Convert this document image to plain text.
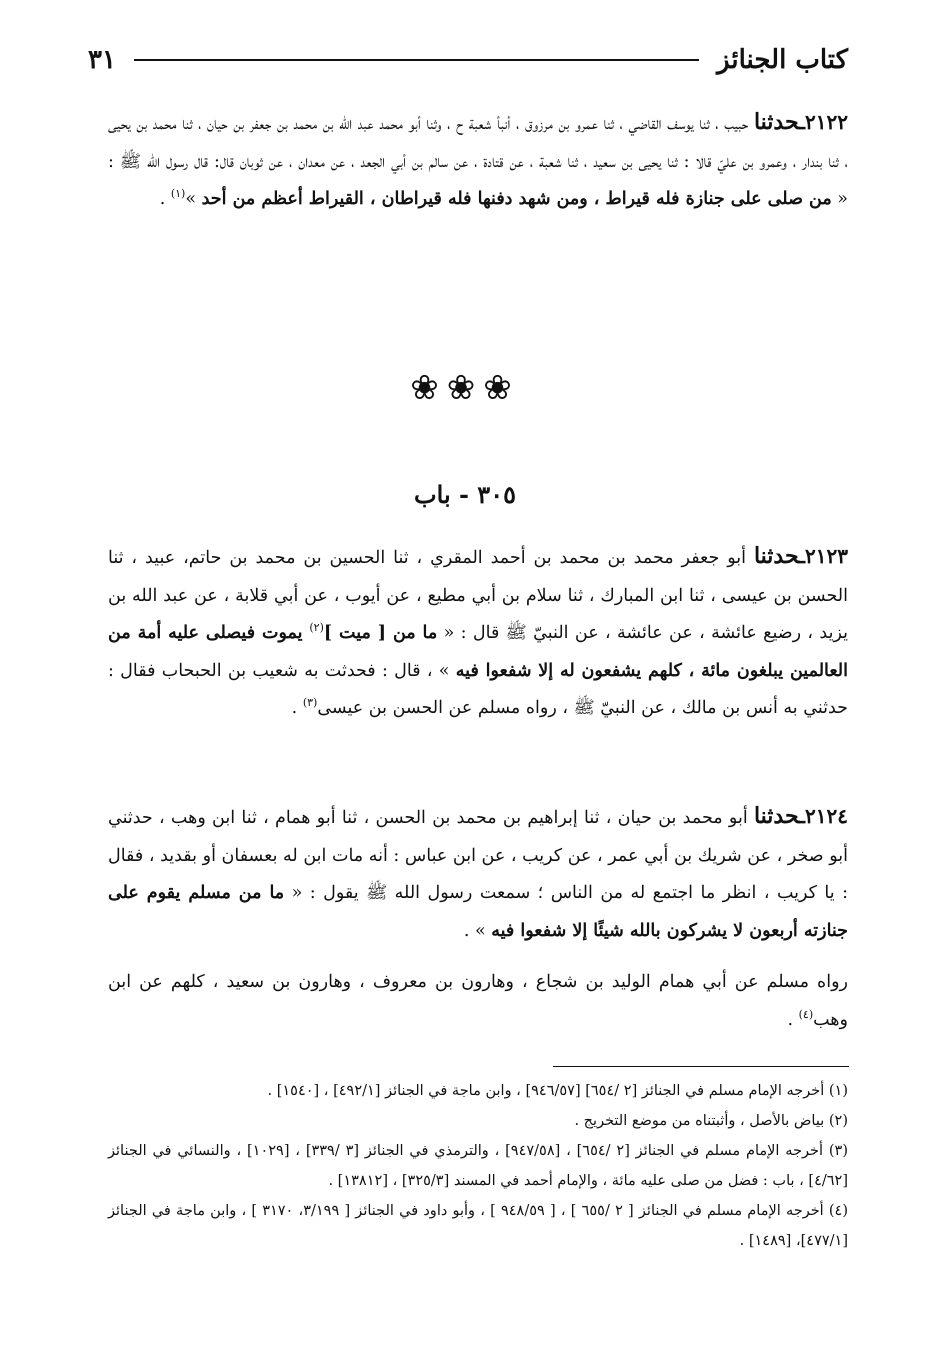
كتاب الجنائز
٣١

٢١٢٢ـحدثنا حبيب ، ثنا يوسف القاضي ، ثنا عمرو بن مرزوق ، أنبأ شعبة ح ، وثنا أبو محمد عبد الله بن محمد بن جعفر بن حيان ، ثنا محمد بن يحيى ، ثنا بندار ، وعمرو بن عليّ قالا : ثنا يحيى بن سعيد ، ثنا شعبة ، عن قتادة ، عن سالم بن أبي الجعد ، عن معدان ، عن ثوبان قال: قال رسول الله ﷺ : « من صلى على جنازة فله قيراط ، ومن شهد دفنها فله قيراطان ، القيراط أعظم من أحد »$^{(١)}$ .

❀❀❀
٣٠٥ - باب

٢١٢٣ـحدثنا أبو جعفر محمد بن محمد بن أحمد المقري ، ثنا الحسين بن محمد بن حاتم، عبيد ، ثنا الحسن بن عيسى ، ثنا ابن المبارك ، ثنا سلام بن أبي مطيع ، عن أيوب ، عن أبي قلابة ، عن عبد الله بن يزيد ، رضيع عائشة ، عن عائشة ، عن النبيّ ﷺ قال : « ما من [ ميت ]$^{(٢)}$ يموت فيصلى عليه أمة من العالمين يبلغون مائة ، كلهم يشفعون له إلا شفعوا فيه » ، قال : فحدثت به شعيب بن الحبحاب فقال : حدثني به أنس بن مالك ، عن النبيّ ﷺ ، رواه مسلم عن الحسن بن عيسى$^{(٣)}$ .

٢١٢٤ـحدثنا أبو محمد بن حيان ، ثنا إبراهيم بن محمد بن الحسن ، ثنا أبو همام ، ثنا ابن وهب ، حدثني أبو صخر ، عن شريك بن أبي عمر ، عن كريب ، عن ابن عباس : أنه مات ابن له بعسفان أو بقديد ، فقال : يا كريب ، انظر ما اجتمع له من الناس ؛ سمعت رسول الله ﷺ يقول : « ما من مسلم يقوم على جنازته أربعون لا يشركون بالله شيئًا إلا شفعوا فيه » .

رواه مسلم عن أبي همام الوليد بن شجاع ، وهارون بن معروف ، وهارون بن سعيد ، كلهم عن ابن وهب$^{(٤)}$ .

(١) أخرجه الإمام مسلم في الجنائز [٢ /٦٥٤] [٩٤٦/٥٧] ، وابن ماجة في الجنائز [٤٩٢/١] ، [١٥٤٠] .

(٢) بياض بالأصل ، وأثبتناه من موضع التخريج .

(٣) أخرجه الإمام مسلم في الجنائز [٢ /٦٥٤] ، [٩٤٧/٥٨] ، والترمذي في الجنائز [٣ /٣٣٩] ، [١٠٢٩] ، والنسائي في الجنائز [٤/٦٢] ، باب : فضل من صلى عليه مائة ، والإمام أحمد في المسند [٣٢٥/٣] ، [١٣٨١٢] .

(٤) أخرجه الإمام مسلم في الجنائز [ ٢ /٦٥٥ ] ، [ ٩٤٨/٥٩ ] ، وأبو داود في الجنائز [ ٣/١٩٩، ٣١٧٠ ] ، وابن ماجة في الجنائز [٤٧٧/١]، [١٤٨٩] .
